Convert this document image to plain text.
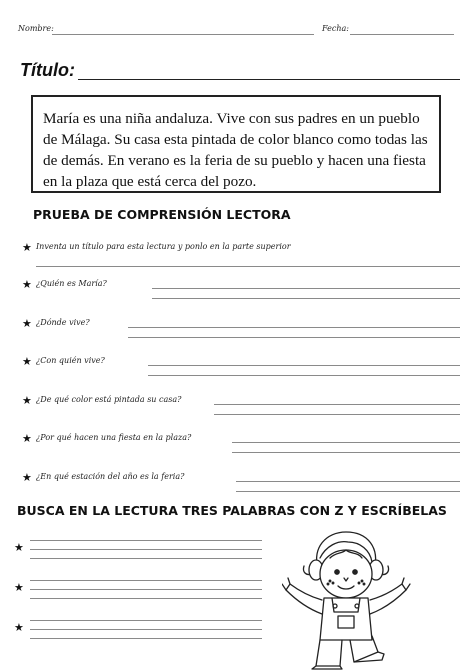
Nombre:	Fecha:
Título:
María es una niña andaluza. Vive con sus padres en un pueblo de Málaga. Su casa esta pintada de color blanco como todas las de demás. En verano es la feria de su pueblo y hacen una fiesta en la plaza que está cerca del pozo.
PRUEBA DE COMPRENSIÓN LECTORA
★ Inventa un título para esta lectura y ponlo en la parte superior
★ ¿Quién es María?
★ ¿Dónde vive?
★ ¿Con quién vive?
★ ¿De qué color está pintada su casa?
★ ¿Por qué hacen una fiesta en la plaza?
★ ¿En qué estación del año es la feria?
BUSCA EN LA LECTURA TRES PALABRAS CON Z Y ESCRÍBELAS
★
★
★
